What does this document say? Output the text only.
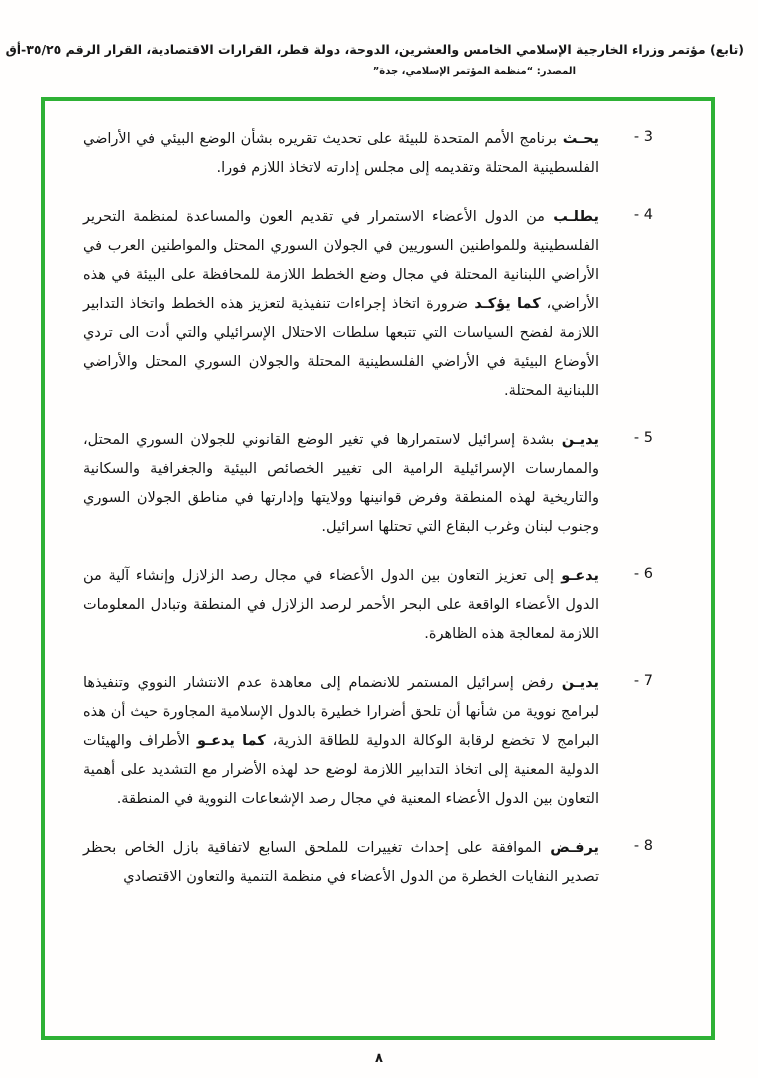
(تابع) مؤتمر وزراء الخارجية الإسلامي الخامس والعشرين، الدوحة، دولة قطر، القرارات الاقتصادية، القرار الرقم ٣٥/٢٥-أق
المصدر: “منظمة المؤتمر الإسلامي، جدة”
3 -
يحـث برنامج الأمم المتحدة للبيئة على تحديث تقريره بشأن الوضع البيئي في الأراضي الفلسطينية المحتلة وتقديمه إلى مجلس إدارته لاتخاذ اللازم فورا.
4 -
يطلـب من الدول الأعضاء الاستمرار في تقديم العون والمساعدة لمنظمة التحرير الفلسطينية وللمواطنين السوريين في الجولان السوري المحتل والمواطنين العرب في الأراضي اللبنانية المحتلة في مجال وضع الخطط اللازمة للمحافظة على البيئة في هذه الأراضي، كما يؤكـد ضرورة اتخاذ إجراءات تنفيذية لتعزيز هذه الخطط واتخاذ التدابير اللازمة لفضح السياسات التي تتبعها سلطات الاحتلال الإسرائيلي والتي أدت الى تردي الأوضاع البيئية في الأراضي الفلسطينية المحتلة والجولان السوري المحتل والأراضي اللبنانية المحتلة.
5 -
يديـن بشدة إسرائيل لاستمرارها في تغير الوضع القانوني للجولان السوري المحتل، والممارسات الإسرائيلية الرامية الى تغيير الخصائص البيئية والجغرافية والسكانية والتاريخية لهذه المنطقة وفرض قوانينها وولايتها وإدارتها في مناطق الجولان السوري وجنوب لبنان وغرب البقاع التي تحتلها اسرائيل.
6 -
يدعـو إلى تعزيز التعاون بين الدول الأعضاء في مجال رصد الزلازل وإنشاء آلية من الدول الأعضاء الواقعة على البحر الأحمر لرصد الزلازل في المنطقة وتبادل المعلومات اللازمة لمعالجة هذه الظاهرة.
7 -
يديـن رفض إسرائيل المستمر للانضمام إلى معاهدة عدم الانتشار النووي وتنفيذها لبرامج نووية من شأنها أن تلحق أضرارا خطيرة بالدول الإسلامية المجاورة حيث أن هذه البرامج لا تخضع لرقابة الوكالة الدولية للطاقة الذرية، كما يدعـو الأطراف والهيئات الدولية المعنية إلى اتخاذ التدابير اللازمة لوضع حد لهذه الأضرار مع التشديد على أهمية التعاون بين الدول الأعضاء المعنية في مجال رصد الإشعاعات النووية في المنطقة.
8 -
يرفـض الموافقة على إحداث تغييرات للملحق السابع لاتفاقية بازل الخاص بحظر تصدير النفايات الخطرة من الدول الأعضاء في منظمة التنمية والتعاون الاقتصادي
٨
